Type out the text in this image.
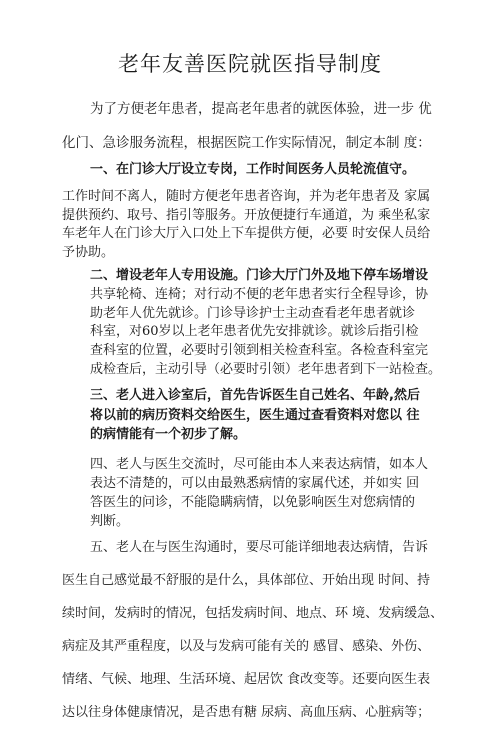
老年友善医院就医指导制度
为了方便老年患者，提高老年患者的就医体验，进一步 优
化门、急诊服务流程，根据医院工作实际情况，制定本制 度：
一、在门诊大厅设立专岗，工作时间医务人员轮流值守。
工作时间不离人，随时方便老年患者咨询，并为老年患者及 家属
提供预约、取号、指引等服务。开放便捷行车通道，为 乘坐私家
车老年人在门诊大厅入口处上下车提供方便，必要 时安保人员给
予协助。
二、增设老年人专用设施。门诊大厅门外及地下停车场增设
共享轮椅、连椅；对行动不便的老年患者实行全程导诊，协
助老年人优先就诊。门诊导诊护士主动查看老年患者就诊
科室，对60岁以上老年患者优先安排就诊。就诊后指引检
查科室的位置，必要时引领到相关检查科室。各检查科室完
成检查后，主动引导（必要时引领）老年患者到下一站检查。
三、老人进入诊室后，首先告诉医生自己姓名、年龄,然后
将以前的病历资料交给医生，医生通过查看资料对您以 往
的病情能有一个初步了解。
四、老人与医生交流时，尽可能由本人来表达病情，如本人
表达不清楚的，可以由最熟悉病情的家属代述，并如实 回
答医生的问诊，不能隐瞒病情，以免影响医生对您病情的
判断。
五、老人在与医生沟通时，要尽可能详细地表达病情，告诉
医生自己感觉最不舒服的是什么，具体部位、开始出现 时间、持
续时间，发病时的情况，包括发病时间、地点、环 境、发病缓急、
病症及其严重程度，以及与发病可能有关的 感冒、感染、外伤、
情绪、气候、地理、生活环境、起居饮 食改变等。还要向医生表
达以往身体健康情况，是否患有糖 尿病、高血压病、心脏病等；
